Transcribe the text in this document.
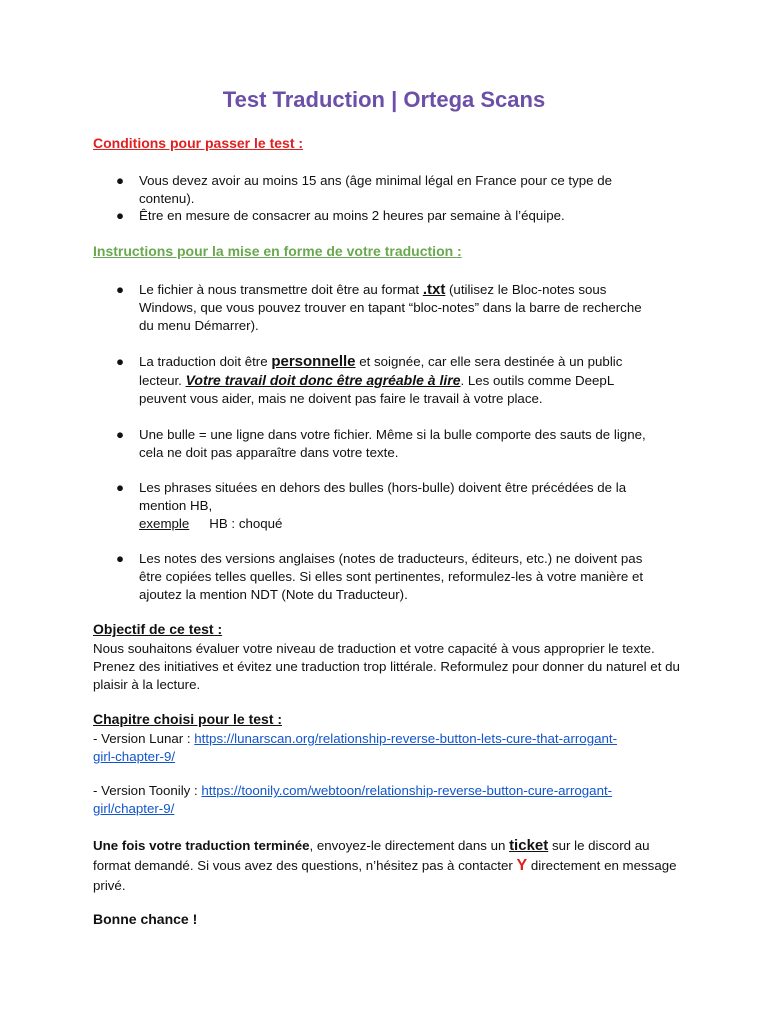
Test Traduction | Ortega Scans
Conditions pour passer le test :
● Vous devez avoir au moins 15 ans (âge minimal légal en France pour ce type de contenu).
● Être en mesure de consacrer au moins 2 heures par semaine à l’équipe.
Instructions pour la mise en forme de votre traduction :
● Le fichier à nous transmettre doit être au format .txt (utilisez le Bloc-notes sous Windows, que vous pouvez trouver en tapant “bloc-notes” dans la barre de recherche du menu Démarrer).
● La traduction doit être personnelle et soignée, car elle sera destinée à un public lecteur. Votre travail doit donc être agréable à lire. Les outils comme DeepL peuvent vous aider, mais ne doivent pas faire le travail à votre place.
● Une bulle = une ligne dans votre fichier. Même si la bulle comporte des sauts de ligne, cela ne doit pas apparaître dans votre texte.
● Les phrases situées en dehors des bulles (hors-bulle) doivent être précédées de la mention HB,
exemple HB : choqué
● Les notes des versions anglaises (notes de traducteurs, éditeurs, etc.) ne doivent pas être copiées telles quelles. Si elles sont pertinentes, reformulez-les à votre manière et ajoutez la mention NDT (Note du Traducteur).
Objectif de ce test :
Nous souhaitons évaluer votre niveau de traduction et votre capacité à vous approprier le texte. Prenez des initiatives et évitez une traduction trop littérale. Reformulez pour donner du naturel et du plaisir à la lecture.
Chapitre choisi pour le test :
- Version Lunar : https://lunarscan.org/relationship-reverse-button-lets-cure-that-arrogant-
girl-chapter-9/
- Version Toonily : https://toonily.com/webtoon/relationship-reverse-button-cure-arrogant-
girl/chapter-9/
Une fois votre traduction terminée, envoyez-le directement dans un ticket sur le discord au format demandé. Si vous avez des questions, n’hésitez pas à contacter Y directement en message privé.
Bonne chance !
